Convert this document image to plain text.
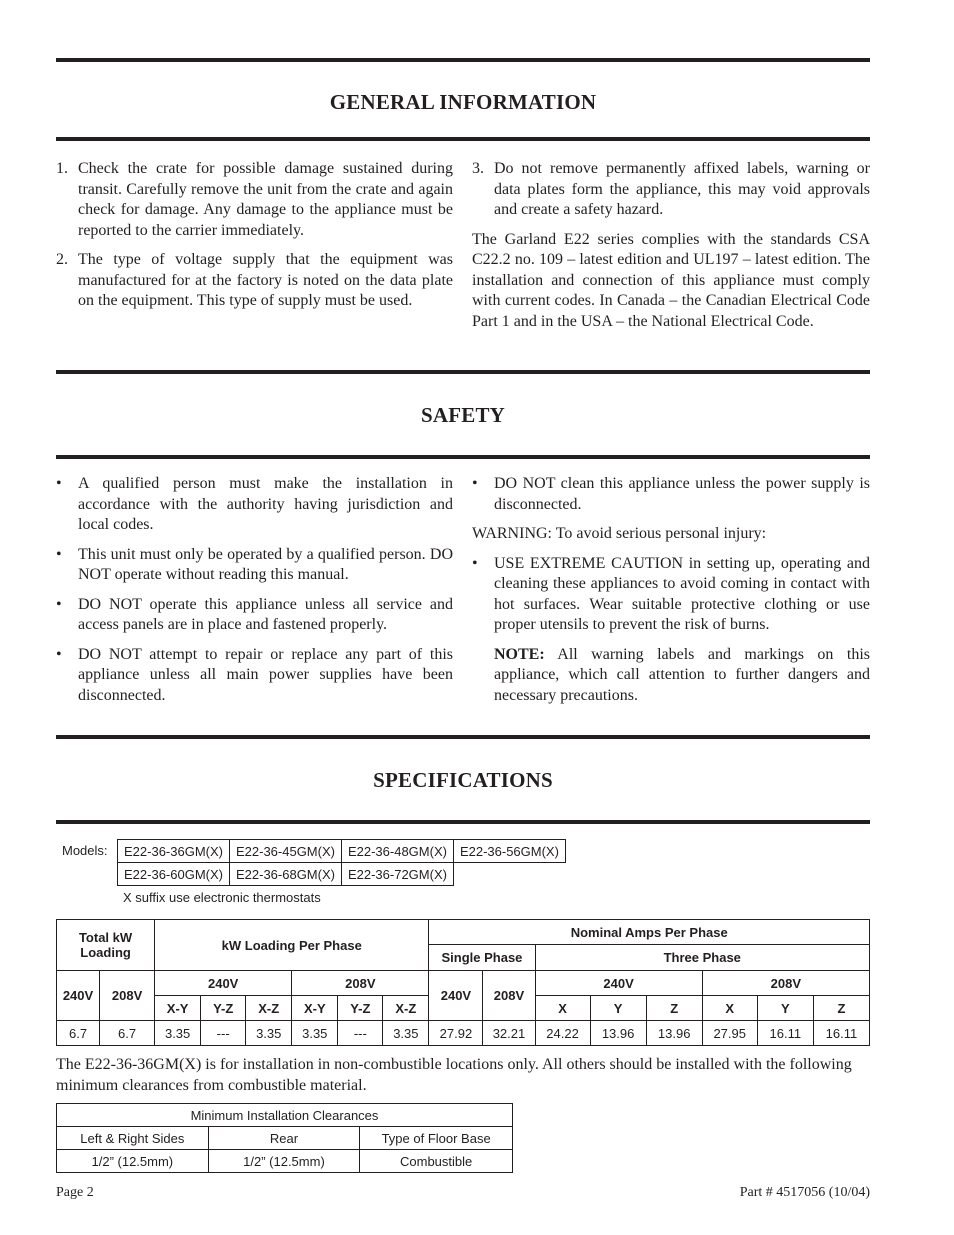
GENERAL INFORMATION
1. Check the crate for possible damage sustained during transit. Carefully remove the unit from the crate and again check for damage. Any damage to the appliance must be reported to the carrier immediately.
2. The type of voltage supply that the equipment was manufactured for at the factory is noted on the data plate on the equipment. This type of supply must be used.
3. Do not remove permanently affixed labels, warning or data plates form the appliance, this may void approvals and create a safety hazard.

The Garland E22 series complies with the standards CSA C22.2 no. 109 – latest edition and UL197 – latest edition. The installation and connection of this appliance must comply with current codes. In Canada – the Canadian Electrical Code Part 1 and in the USA – the National Electrical Code.

SAFETY
• A qualified person must make the installation in accordance with the authority having jurisdiction and local codes.
• This unit must only be operated by a qualified person. DO NOT operate without reading this manual.
• DO NOT operate this appliance unless all service and access panels are in place and fastened properly.
• DO NOT attempt to repair or replace any part of this appliance unless all main power supplies have been disconnected.
• DO NOT clean this appliance unless the power supply is disconnected.

WARNING: To avoid serious personal injury:

• USE EXTREME CAUTION in setting up, operating and cleaning these appliances to avoid coming in contact with hot surfaces. Wear suitable protective clothing or use proper utensils to prevent the risk of burns.

NOTE: All warning labels and markings on this appliance, which call attention to further dangers and necessary precautions.

SPECIFICATIONS
Models: E22-36-36GM(X)	E22-36-45GM(X)	E22-36-48GM(X)	E22-36-56GM(X)
E22-36-60GM(X)	E22-36-68GM(X)	E22-36-72GM(X)	
X suffix use electronic thermostats
Total kW Loading		kW Loading Per Phase						Nominal Amps Per Phase							
								Single Phase		Three Phase					
240V	208V	240V			208V			240V	208V	240V			208V		
		X-Y	Y-Z	X-Z	X-Y	Y-Z	X-Z			X	Y	Z	X	Y	Z
6.7	6.7	3.35	---	3.35	3.35	---	3.35	27.92	32.21	24.22	13.96	13.96	27.95	16.11	16.11
The E22-36-36GM(X) is for installation in non-combustible locations only. All others should be installed with the following minimum clearances from combustible material.
Minimum Installation Clearances		
Left & Right Sides	Rear	Type of Floor Base
1/2” (12.5mm)	1/2” (12.5mm)	Combustible
Page 2	Part # 4517056 (10/04)
